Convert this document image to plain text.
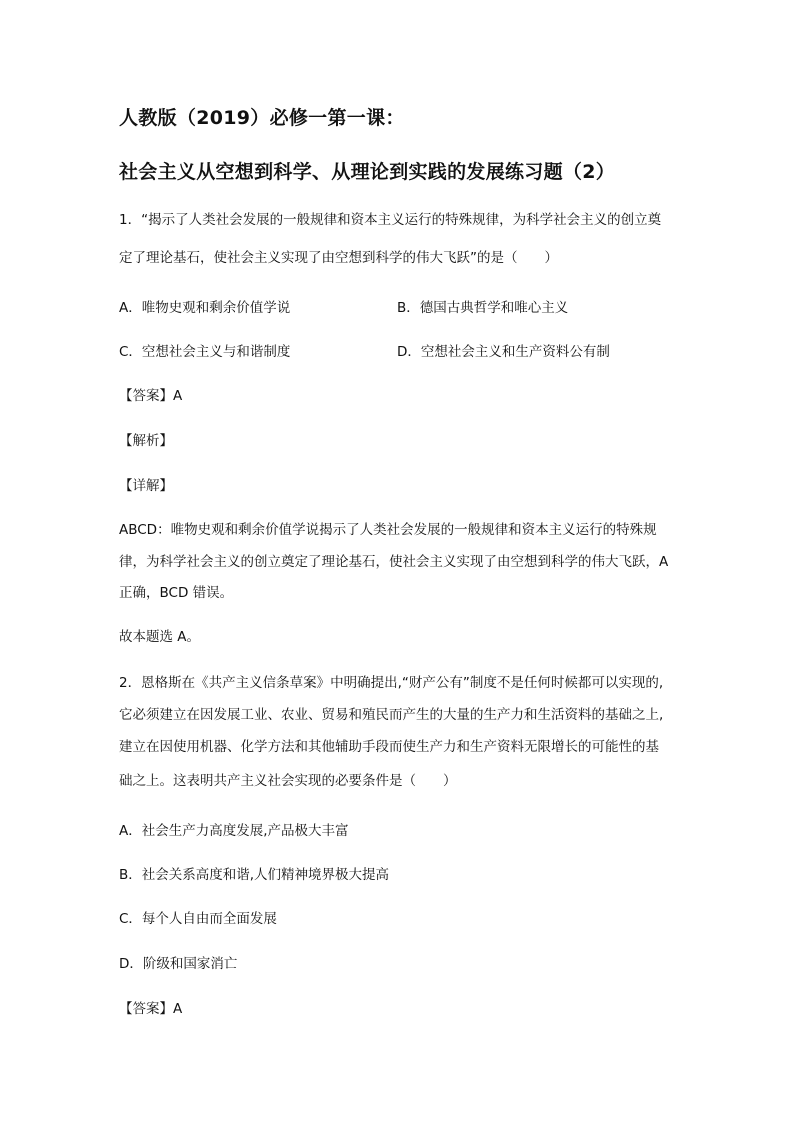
人教版（2019）必修一第一课：
社会主义从空想到科学、从理论到实践的发展练习题（2）
1．“揭示了人类社会发展的一般规律和资本主义运行的特殊规律，为科学社会主义的创立奠
定了理论基石，使社会主义实现了由空想到科学的伟大飞跃”的是（　　）
A．唯物史观和剩余价值学说	B．德国古典哲学和唯心主义
C．空想社会主义与和谐制度	D．空想社会主义和生产资料公有制
【答案】A
【解析】
【详解】
ABCD：唯物史观和剩余价值学说揭示了人类社会发展的一般规律和资本主义运行的特殊规
律，为科学社会主义的创立奠定了理论基石，使社会主义实现了由空想到科学的伟大飞跃，A
正确，BCD 错误。
故本题选 A。
2．恩格斯在《共产主义信条草案》中明确提出,“财产公有”制度不是任何时候都可以实现的,
它必须建立在因发展工业、农业、贸易和殖民而产生的大量的生产力和生活资料的基础之上,
建立在因使用机器、化学方法和其他辅助手段而使生产力和生产资料无限增长的可能性的基
础之上。这表明共产主义社会实现的必要条件是（　　）
A．社会生产力高度发展,产品极大丰富
B．社会关系高度和谐,人们精神境界极大提高
C．每个人自由而全面发展
D．阶级和国家消亡
【答案】A
